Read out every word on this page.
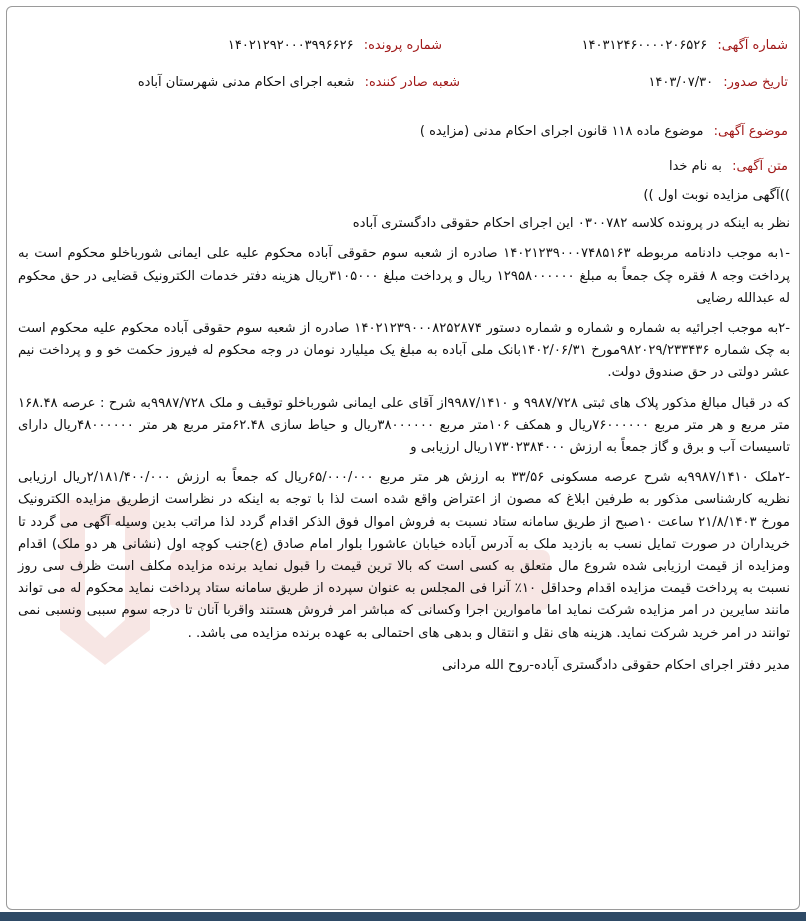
شماره آگهی: ۱۴۰۳۱۲۴۶۰۰۰۰۲۰۶۵۲۶
شماره پرونده: ۱۴۰۲۱۲۹۲۰۰۰۳۹۹۶۶۲۶
تاریخ صدور: ۱۴۰۳/۰۷/۳۰
شعبه صادر کننده: شعبه اجرای احکام مدنی شهرستان آباده
موضوع آگهی: موضوع ماده ۱۱۸ قانون اجرای احکام مدنی (مزایده )
متن آگهی: به نام خدا

))آگهی مزایده نوبت اول ))

نظر به اینکه در پرونده کلاسه ۰۳۰۰۷۸۲ این اجرای احکام حقوقی دادگستری آباده

-۱به موجب دادنامه مربوطه ۱۴۰۲۱۲۳۹۰۰۰۷۴۸۵۱۶۳ صادره از شعبه سوم حقوقی آباده محکوم علیه علی ایمانی شورباخلو محکوم است به پرداخت وجه ۸ فقره چک جمعاً به مبلغ ۱۲۹۵۸۰۰۰۰۰۰ ریال و پرداخت مبلغ ۳۱۰۵۰۰۰ریال هزینه دفتر خدمات الکترونیک قضایی در حق محکوم له عبدالله رضایی

-۲به موجب اجرائیه به شماره و شماره و شماره دستور ۱۴۰۲۱۲۳۹۰۰۰۸۲۵۲۸۷۴ صادره از شعبه سوم حقوقی آباده محکوم علیه محکوم است به چک شماره ۹۸۲۰۲۹/۲۳۳۴۳۶مورخ ۱۴۰۲/۰۶/۳۱بانک ملی آباده به مبلغ یک میلیارد نومان در وجه محکوم له فیروز حکمت خو و و پرداخت نیم عشر دولتی در حق صندوق دولت.

که در قبال مبالغ مذکور پلاک های ثبتی ۹۹۸۷/۷۲۸ و ۹۹۸۷/۱۴۱۰از آقای علی ایمانی شورباخلو توقیف و ملک ۹۹۸۷/۷۲۸به شرح : عرصه ۱۶۸.۴۸ متر مربع و هر متر مربع ۷۶۰۰۰۰۰۰ریال و همکف ۱۰۶متر مربع ۳۸۰۰۰۰۰۰ریال و حیاط سازی ۶۲.۴۸متر مربع هر متر ۴۸۰۰۰۰۰۰ریال دارای تاسیسات آب و برق و گاز جمعاً به ارزش ۱۷۳۰۲۳۸۴۰۰۰ریال ارزیابی و

-۲ملک ۹۹۸۷/۱۴۱۰به شرح عرصه مسکونی ۳۳/۵۶ به ارزش هر متر مربع ۶۵/۰۰۰/۰۰۰ریال که جمعاً به ارزش ۲/۱۸۱/۴۰۰/۰۰۰ریال ارزیابی نظریه کارشناسی مذکور به طرفین ابلاغ که مصون از اعتراض واقع شده است لذا با توجه به اینکه در نظراست ازطریق مزایده الکترونیک مورخ ۲۱/۸/۱۴۰۳ ساعت ۱۰صبح از طریق سامانه ستاد نسبت به فروش اموال فوق الذکر اقدام گردد لذا مراتب بدین وسیله آگهی می گردد تا خریداران در صورت تمایل نسب به بازدید ملک به آدرس آباده خیابان عاشورا بلوار امام صادق (ع)جنب کوچه اول (نشانی هر دو ملک) اقدام ومزایده از قیمت ارزیابی شده شروع مال متعلق به کسی است که بالا ترین قیمت را قبول نماید برنده مزایده مکلف است ظرف سی روز نسبت به پرداخت قیمت مزایده اقدام وحداقل ۱۰٪ آنرا فی المجلس به عنوان سپرده از طریق سامانه ستاد پرداخت نماید محکوم له می تواند مانند سایرین در امر مزایده شرکت نماید اما ماموارین اجرا وکسانی که مباشر امر فروش هستند واقربا آنان تا درجه سوم سببی ونسبی نمی توانند در امر خرید شرکت نماید. هزینه های نقل و انتقال و بدهی های احتمالی به عهده برنده مزایده می باشد. .

مدیر دفتر اجرای احکام حقوقی دادگستری آباده-روح الله مردانی
